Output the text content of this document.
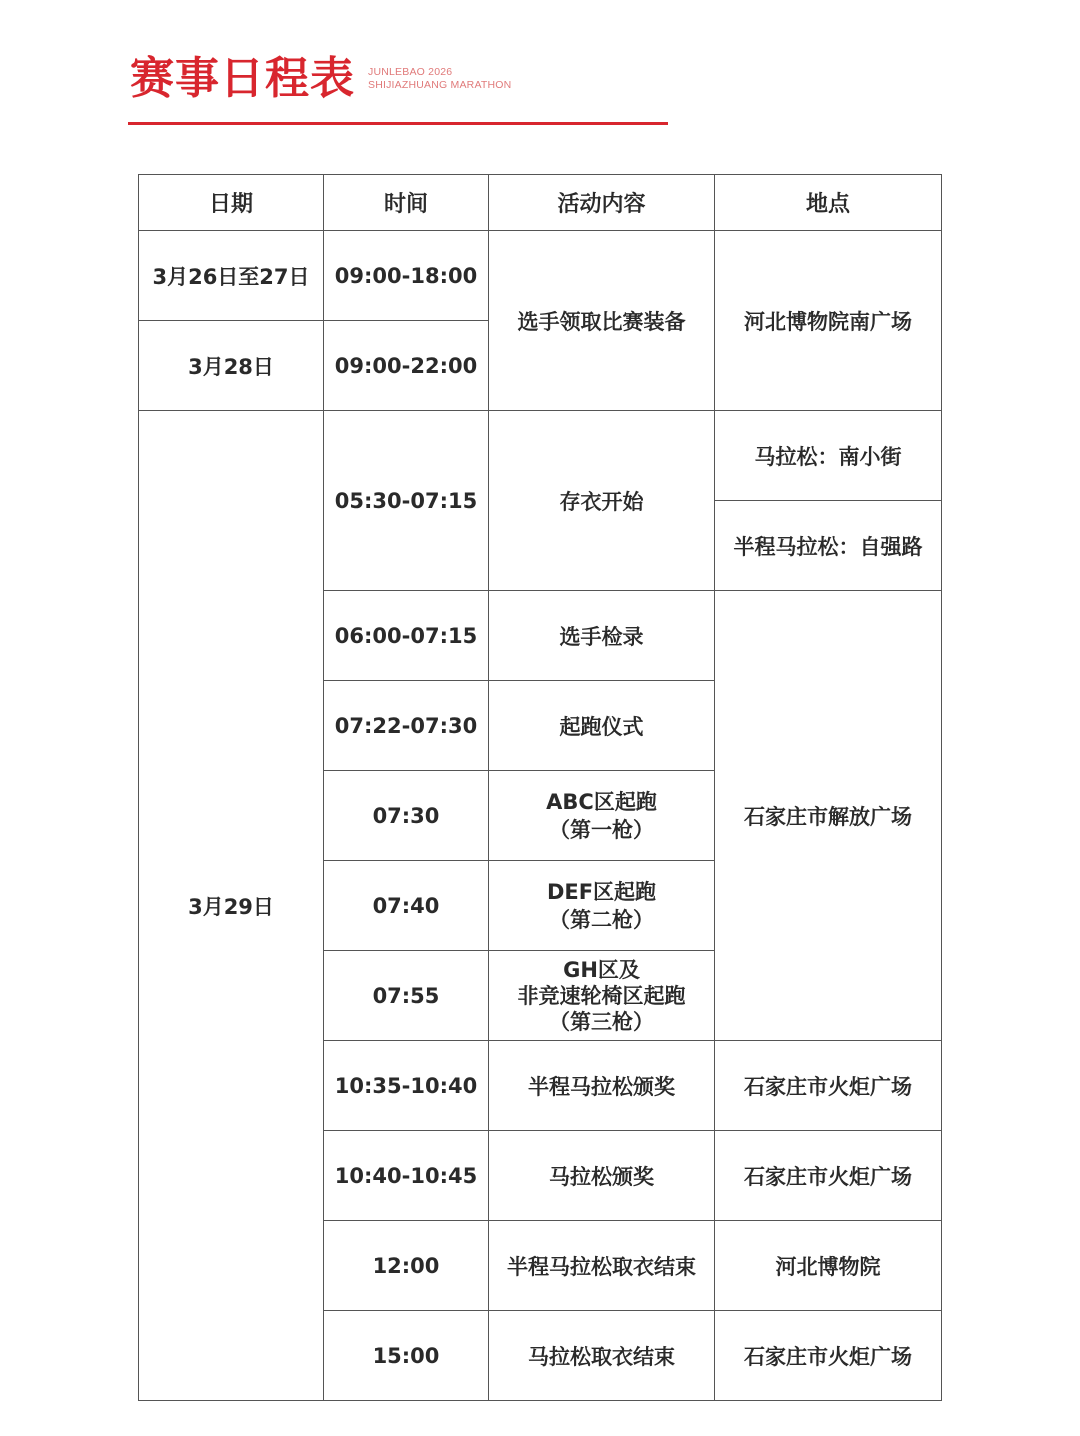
赛事日程表 JUNLEBAO 2026
SHIJIAZHUANG MARATHON
日期	时间	活动内容	地点
3月26日至27日	09:00-18:00	选手领取比赛装备	河北博物院南广场
3月28日	09:00-22:00		
3月29日	05:30-07:15	存衣开始	马拉松：南小街
			半程马拉松：自强路
	06:00-07:15	选手检录	石家庄市解放广场
	07:22-07:30	起跑仪式	
	07:30	ABC区起跑
（第一枪）	

	07:40	DEF区起跑
（第二枪）	

	07:55	GH区及
非竞速轮椅区起跑
（第三枪）	

	10:35-10:40	半程马拉松颁奖	石家庄市火炬广场
	10:40-10:45	马拉松颁奖	石家庄市火炬广场
	12:00	半程马拉松取衣结束	河北博物院
	15:00	马拉松取衣结束	石家庄市火炬广场
